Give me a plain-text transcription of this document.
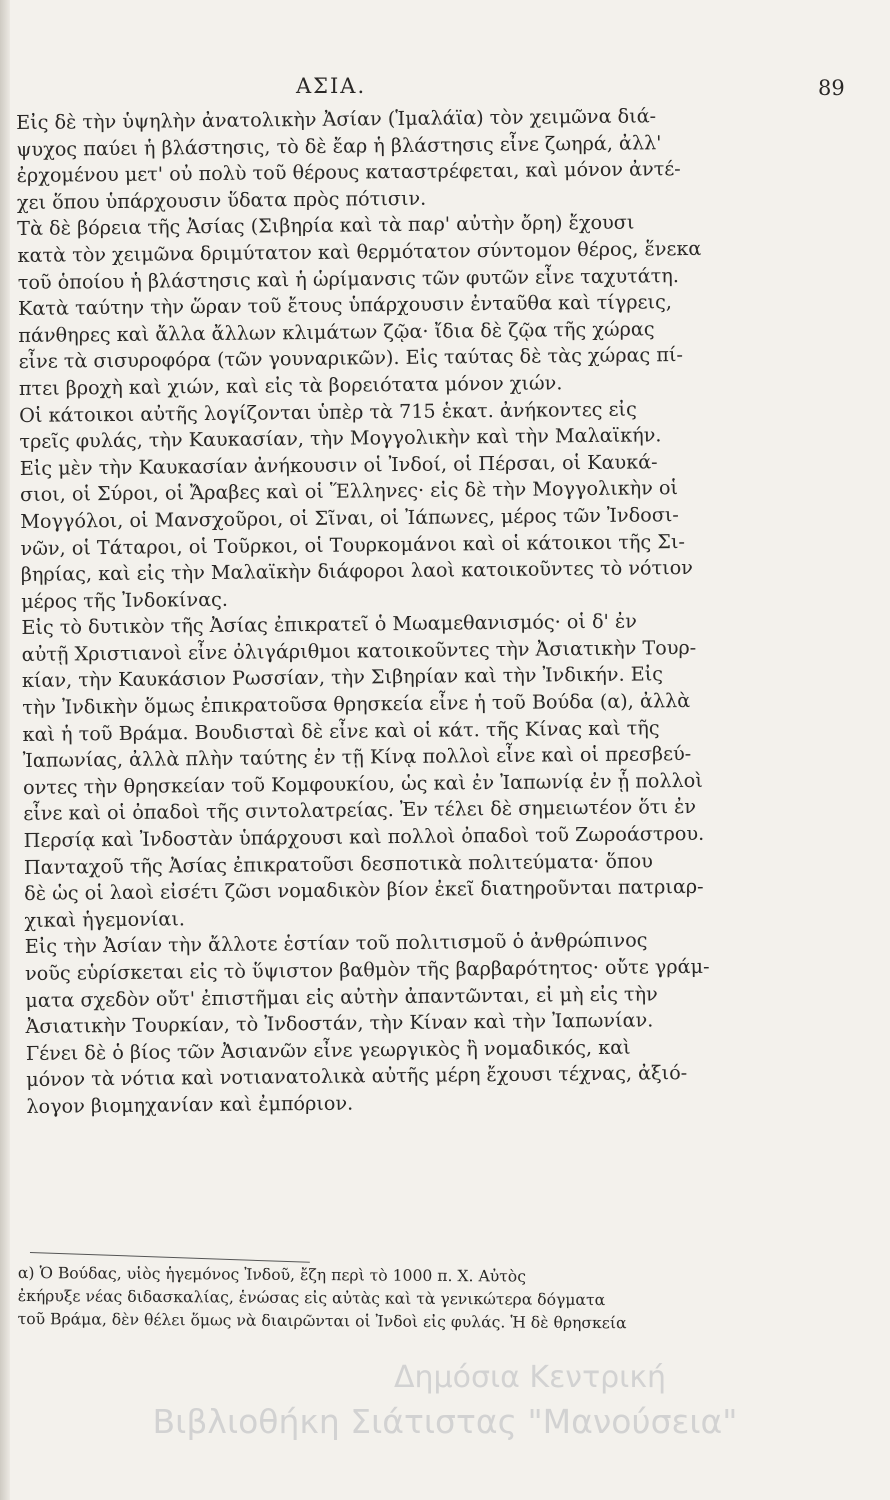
ΑΣΙΑ.	89
Εἰς δὲ τὴν ὑψηλὴν ἀνατολικὴν Ἀσίαν (Ἱμαλάϊα) τὸν χειμῶνα διά-
ψυχος παύει ἡ βλάστησις, τὸ δὲ ἔαρ ἡ βλάστησις εἶνε ζωηρά, ἀλλ'
ἐρχομένου μετ' οὐ πολὺ τοῦ θέρους καταστρέφεται, καὶ μόνον ἀντέ-
χει ὅπου ὑπάρχουσιν ὕδατα πρὸς πότισιν.
Τὰ δὲ βόρεια τῆς Ἀσίας (Σιβηρία καὶ τὰ παρ' αὐτὴν ὄρη) ἔχουσι
κατὰ τὸν χειμῶνα δριμύτατον καὶ θερμότατον σύντομον θέρος, ἕνεκα
τοῦ ὁποίου ἡ βλάστησις καὶ ἡ ὡρίμανσις τῶν φυτῶν εἶνε ταχυτάτη.
Κατὰ ταύτην τὴν ὥραν τοῦ ἔτους ὑπάρχουσιν ἐνταῦθα καὶ τίγρεις,
πάνθηρες καὶ ἄλλα ἄλλων κλιμάτων ζῷα· ἴδια δὲ ζῷα τῆς χώρας
εἶνε τὰ σισυροφόρα (τῶν γουναρικῶν). Εἰς ταύτας δὲ τὰς χώρας πί-
πτει βροχὴ καὶ χιών, καὶ εἰς τὰ βορειότατα μόνον χιών.
Οἱ κάτοικοι αὐτῆς λογίζονται ὑπὲρ τὰ 715 ἑκατ. ἀνήκοντες εἰς
τρεῖς φυλάς, τὴν Καυκασίαν, τὴν Μογγολικὴν καὶ τὴν Μαλαϊκήν.
Εἰς μὲν τὴν Καυκασίαν ἀνήκουσιν οἱ Ἰνδοί, οἱ Πέρσαι, οἱ Καυκά-
σιοι, οἱ Σύροι, οἱ Ἄραβες καὶ οἱ Ἕλληνες· εἰς δὲ τὴν Μογγολικὴν οἱ
Μογγόλοι, οἱ Μανσχοῦροι, οἱ Σῖναι, οἱ Ἰάπωνες, μέρος τῶν Ἰνδοσι-
νῶν, οἱ Τάταροι, οἱ Τοῦρκοι, οἱ Τουρκομάνοι καὶ οἱ κάτοικοι τῆς Σι-
βηρίας, καὶ εἰς τὴν Μαλαϊκὴν διάφοροι λαοὶ κατοικοῦντες τὸ νότιον
μέρος τῆς Ἰνδοκίνας.
Εἰς τὸ δυτικὸν τῆς Ἀσίας ἐπικρατεῖ ὁ Μωαμεθανισμός· οἱ δ' ἐν
αὐτῇ Χριστιανοὶ εἶνε ὀλιγάριθμοι κατοικοῦντες τὴν Ἀσιατικὴν Τουρ-
κίαν, τὴν Καυκάσιον Ρωσσίαν, τὴν Σιβηρίαν καὶ τὴν Ἰνδικήν. Εἰς
τὴν Ἰνδικὴν ὅμως ἐπικρατοῦσα θρησκεία εἶνε ἡ τοῦ Βούδα (α), ἀλλὰ
καὶ ἡ τοῦ Βράμα. Βουδισταὶ δὲ εἶνε καὶ οἱ κάτ. τῆς Κίνας καὶ τῆς
Ἰαπωνίας, ἀλλὰ πλὴν ταύτης ἐν τῇ Κίνᾳ πολλοὶ εἶνε καὶ οἱ πρεσβεύ-
οντες τὴν θρησκείαν τοῦ Κομφουκίου, ὡς καὶ ἐν Ἰαπωνίᾳ ἐν ᾗ πολλοὶ
εἶνε καὶ οἱ ὀπαδοὶ τῆς σιντολατρείας. Ἐν τέλει δὲ σημειωτέον ὅτι ἐν
Περσίᾳ καὶ Ἰνδοστὰν ὑπάρχουσι καὶ πολλοὶ ὀπαδοὶ τοῦ Ζωροάστρου.
Πανταχοῦ τῆς Ἀσίας ἐπικρατοῦσι δεσποτικὰ πολιτεύματα· ὅπου
δὲ ὡς οἱ λαοὶ εἰσέτι ζῶσι νομαδικὸν βίον ἐκεῖ διατηροῦνται πατριαρ-
χικαὶ ἡγεμονίαι.
Εἰς τὴν Ἀσίαν τὴν ἄλλοτε ἑστίαν τοῦ πολιτισμοῦ ὁ ἀνθρώπινος
νοῦς εὑρίσκεται εἰς τὸ ὕψιστον βαθμὸν τῆς βαρβαρότητος· οὔτε γράμ-
ματα σχεδὸν οὔτ' ἐπιστῆμαι εἰς αὐτὴν ἀπαντῶνται, εἰ μὴ εἰς τὴν
Ἀσιατικὴν Τουρκίαν, τὸ Ἰνδοστάν, τὴν Κίναν καὶ τὴν Ἰαπωνίαν.
Γένει δὲ ὁ βίος τῶν Ἀσιανῶν εἶνε γεωργικὸς ἢ νομαδικός, καὶ
μόνον τὰ νότια καὶ νοτιανατολικὰ αὐτῆς μέρη ἔχουσι τέχνας, ἀξιό-
λογον βιομηχανίαν καὶ ἐμπόριον.
α) Ὁ Βούδας, υἱὸς ἡγεμόνος Ἰνδοῦ, ἔζη περὶ τὸ 1000 π. Χ. Αὐτὸς
ἐκήρυξε νέας διδασκαλίας, ἑνώσας εἰς αὐτὰς καὶ τὰ γενικώτερα δόγματα
τοῦ Βράμα, δὲν θέλει ὅμως νὰ διαιρῶνται οἱ Ἰνδοὶ εἰς φυλάς. Ἡ δὲ θρησκεία
Δημόσια Κεντρική
Βιβλιοθήκη Σιάτιστας "Μανούσεια"
